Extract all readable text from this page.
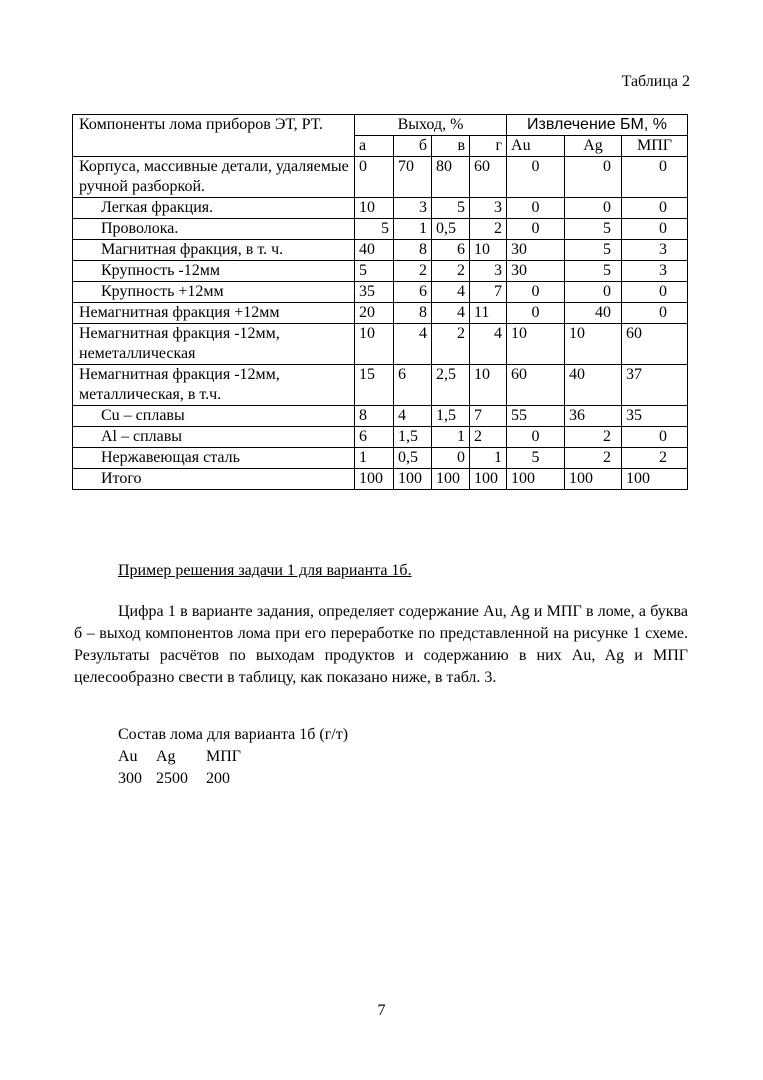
Таблица 2
Компоненты лома приборов ЭТ, РТ.	Выход, %				Извлечение БМ, %		
	а	б	в	г	Au	Ag	МПГ
Корпуса, массивные детали, удаляемые ручной разборкой.	0	70	80	60	0	0	0
Легкая фракция.	10	3	5	3	0	0	0
Проволока.	5	1	0,5	2	0	5	0
Магнитная фракция, в т. ч.	40	8	6	10	30	5	3
Крупность -12мм	5	2	2	3	30	5	3
Крупность +12мм	35	6	4	7	0	0	0
Немагнитная фракция +12мм	20	8	4	11	0	40	0
Немагнитная фракция -12мм, неметаллическая	10	4	2	4	10	10	60
Немагнитная фракция -12мм, металлическая, в т.ч.	15	6	2,5	10	60	40	37
Cu – сплавы	8	4	1,5	7	55	36	35
Al – сплавы	6	1,5	1	2	0	2	0
Нержавеющая сталь	1	0,5	0	1	5	2	2
Итого	100	100	100	100	100	100	100
Пример решения задачи 1 для варианта 1б.

Цифра 1 в варианте задания, определяет содержание Au, Ag и МПГ в ломе, а буква б – выход компонентов лома при его переработке по представленной на рисунке 1 схеме. Результаты расчётов по выходам продуктов и содержанию в них Au, Ag и МПГ целесообразно свести в таблицу, как показано ниже, в табл. 3.

Состав лома для варианта 1б (г/т)
Au Ag МПГ
300 2500 200
7
